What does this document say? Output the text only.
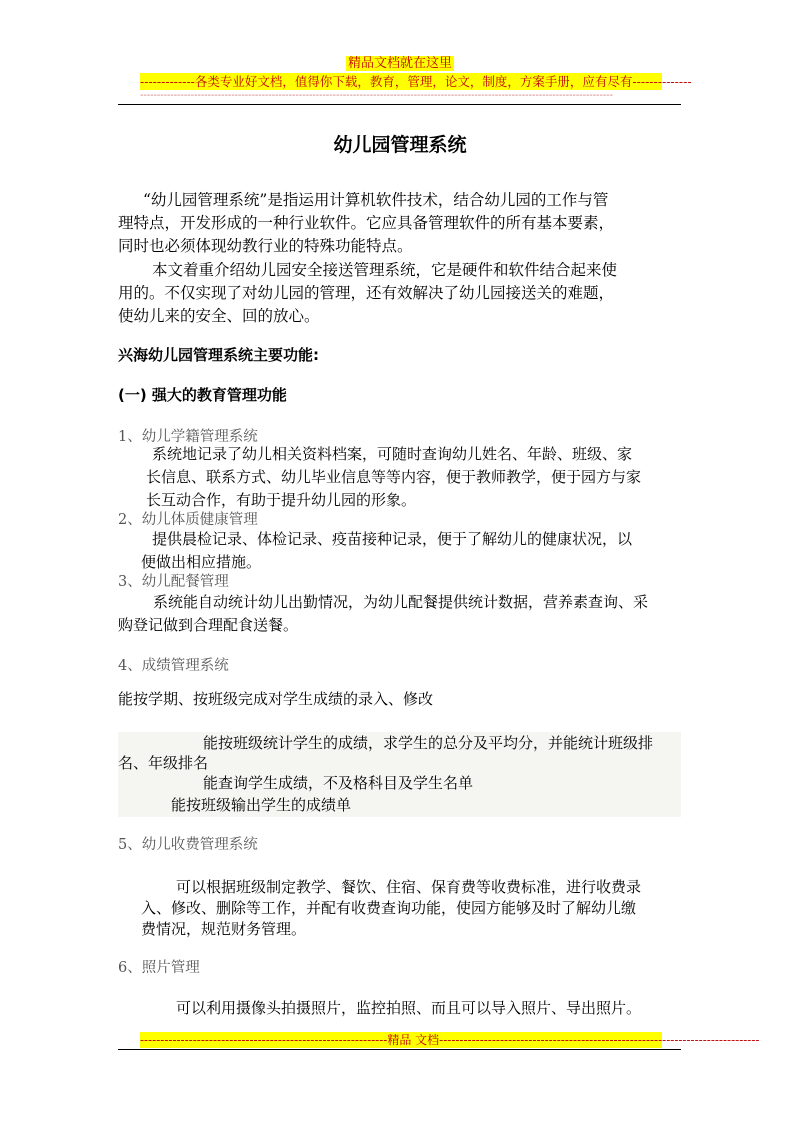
精品文档就在这里
-------------各类专业好文档，值得你下载，教育，管理，论文，制度，方案手册，应有尽有--------------
--------------------------------------------------------------------------------------------------------------------------------------------
幼儿园管理系统
“幼儿园管理系统”是指运用计算机软件技术，结合幼儿园的工作与管
理特点，开发形成的一种行业软件。它应具备管理软件的所有基本要素，
同时也必须体现幼教行业的特殊功能特点。
本文着重介绍幼儿园安全接送管理系统，它是硬件和软件结合起来使
用的。不仅实现了对幼儿园的管理，还有效解决了幼儿园接送关的难题，
使幼儿来的安全、回的放心。
兴海幼儿园管理系统主要功能:
(一) 强大的教育管理功能
1、幼儿学籍管理系统
系统地记录了幼儿相关资料档案，可随时查询幼儿姓名、年龄、班级、家
长信息、联系方式、幼儿毕业信息等等内容，便于教师教学，便于园方与家
长互动合作，有助于提升幼儿园的形象。
2、幼儿体质健康管理
提供晨检记录、体检记录、疫苗接种记录，便于了解幼儿的健康状况，以
便做出相应措施。
3、幼儿配餐管理
系统能自动统计幼儿出勤情况，为幼儿配餐提供统计数据，营养素查询、采
购登记做到合理配食送餐。
4、成绩管理系统
能按学期、按班级完成对学生成绩的录入、修改
能按班级统计学生的成绩，求学生的总分及平均分，并能统计班级排
名、年级排名
能查询学生成绩，不及格科目及学生名单
能按班级输出学生的成绩单
5、幼儿收费管理系统
可以根据班级制定教学、餐饮、住宿、保育费等收费标准，进行收费录
入、修改、删除等工作，并配有收费查询功能，使园方能够及时了解幼儿缴
费情况，规范财务管理。
6、照片管理
可以利用摄像头拍摄照片，监控拍照、而且可以导入照片、导出照片。
-------------------------------------------------------------精品 文档-------------------------------------------------------------------------------
